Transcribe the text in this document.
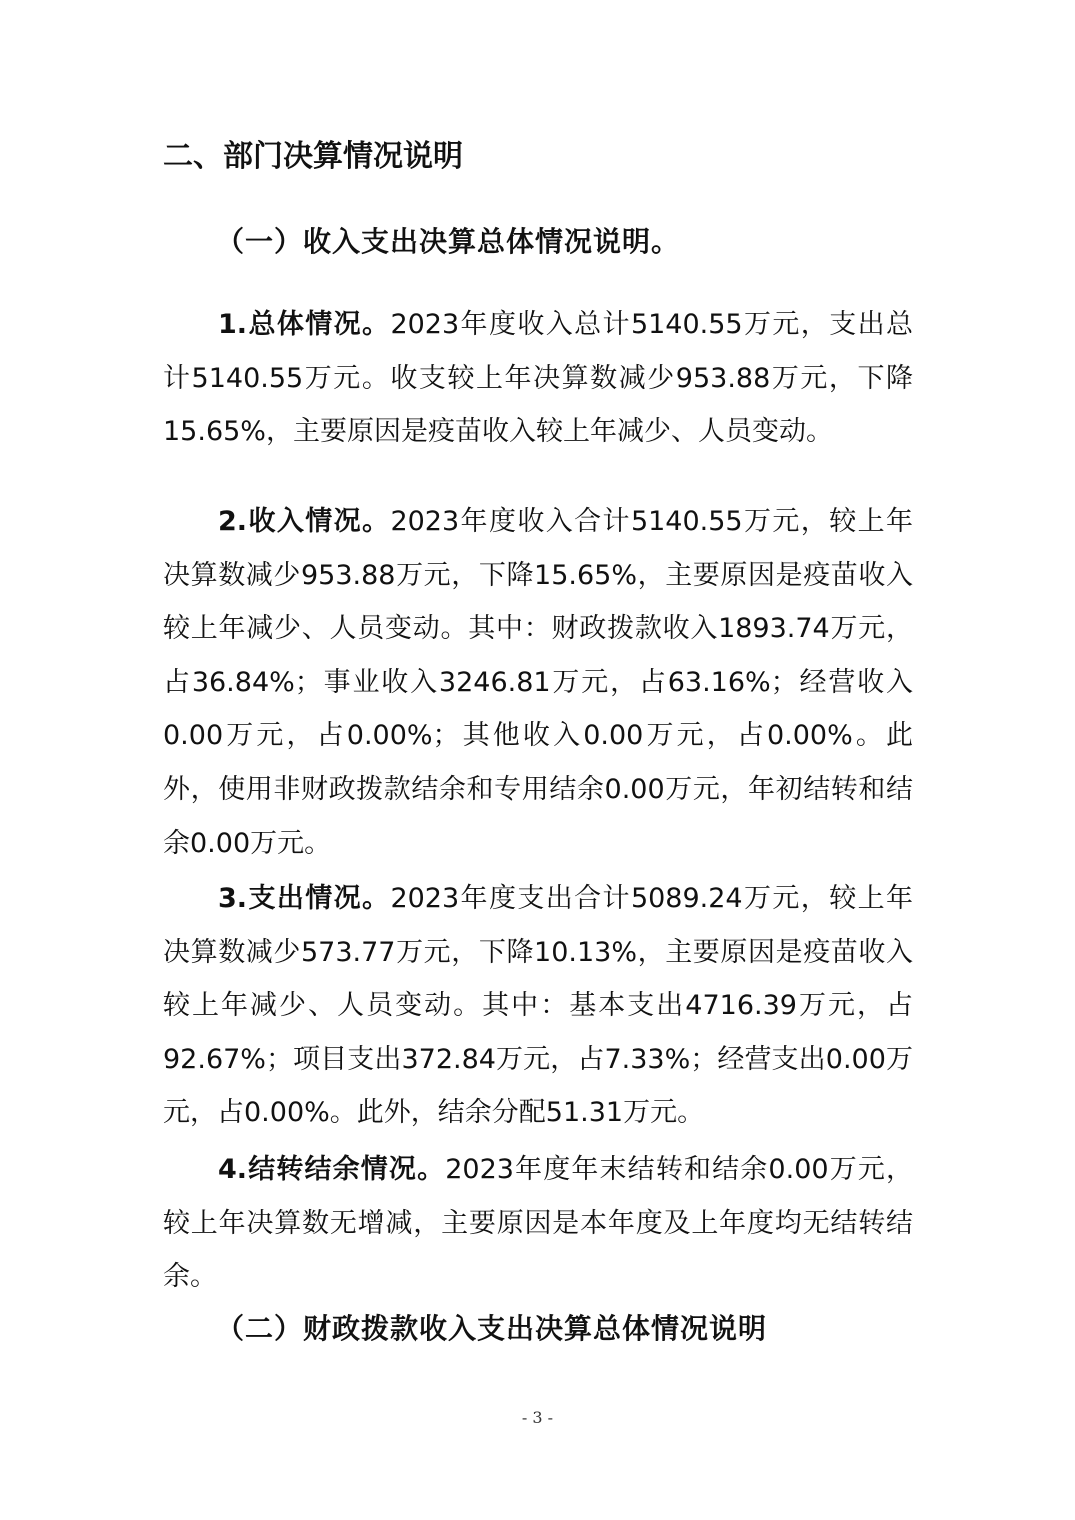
二、部门决算情况说明
（一）收入支出决算总体情况说明。

1.总体情况。2023年度收入总计5140.55万元，支出总计5140.55万元。收支较上年决算数减少953.88万元，下降15.65%，主要原因是疫苗收入较上年减少、人员变动。

2.收入情况。2023年度收入合计5140.55万元，较上年决算数减少953.88万元，下降15.65%，主要原因是疫苗收入较上年减少、人员变动。其中：财政拨款收入1893.74万元，占36.84%；事业收入3246.81万元，占63.16%；经营收入0.00万元，占0.00%；其他收入0.00万元，占0.00%。此外，使用非财政拨款结余和专用结余0.00万元，年初结转和结余0.00万元。

3.支出情况。2023年度支出合计5089.24万元，较上年决算数减少573.77万元，下降10.13%，主要原因是疫苗收入较上年减少、人员变动。其中：基本支出4716.39万元，占92.67%；项目支出372.84万元，占7.33%；经营支出0.00万元，占0.00%。此外，结余分配51.31万元。

4.结转结余情况。2023年度年末结转和结余0.00万元，较上年决算数无增减，主要原因是本年度及上年度均无结转结余。

（二）财政拨款收入支出决算总体情况说明
- 3 -
